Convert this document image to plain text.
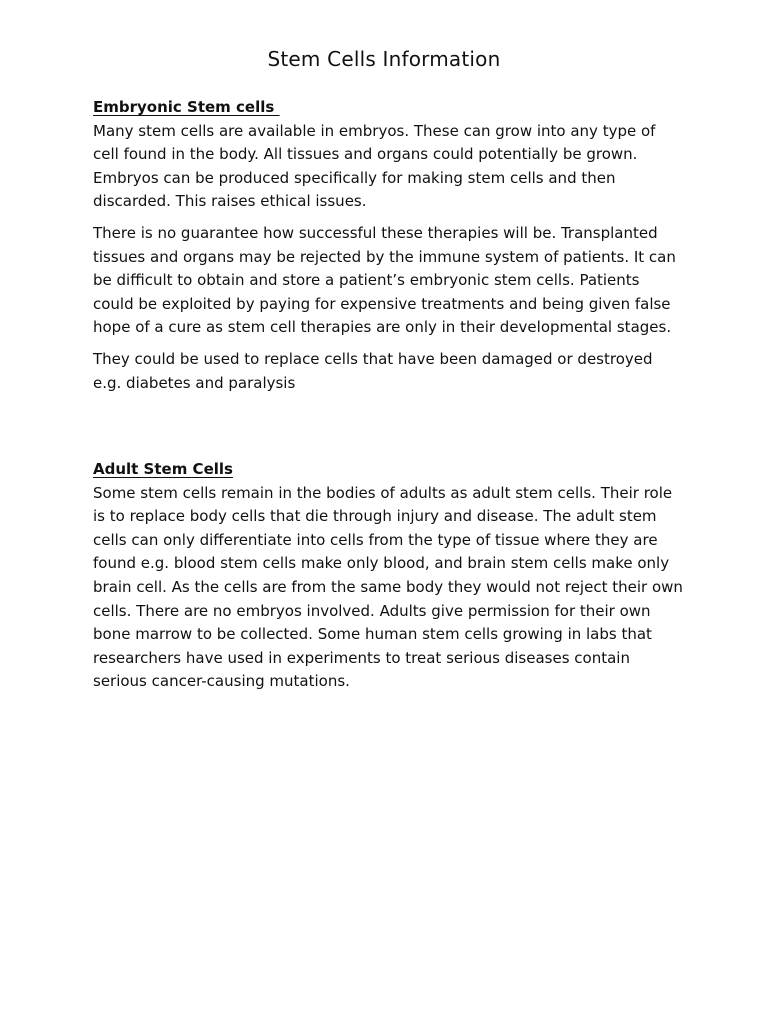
Stem Cells Information
Embryonic Stem cells

Many stem cells are available in embryos. These can grow into any type of cell found in the body. All tissues and organs could potentially be grown. Embryos can be produced specifically for making stem cells and then discarded. This raises ethical issues.

There is no guarantee how successful these therapies will be. Transplanted tissues and organs may be rejected by the immune system of patients. It can be difficult to obtain and store a patient’s embryonic stem cells. Patients could be exploited by paying for expensive treatments and being given false hope of a cure as stem cell therapies are only in their developmental stages.

They could be used to replace cells that have been damaged or destroyed e.g. diabetes and paralysis

Adult Stem Cells

Some stem cells remain in the bodies of adults as adult stem cells. Their role is to replace body cells that die through injury and disease. The adult stem cells can only differentiate into cells from the type of tissue where they are found e.g. blood stem cells make only blood, and brain stem cells make only brain cell. As the cells are from the same body they would not reject their own cells. There are no embryos involved. Adults give permission for their own bone marrow to be collected. Some human stem cells growing in labs that researchers have used in experiments to treat serious diseases contain serious cancer-causing mutations.
